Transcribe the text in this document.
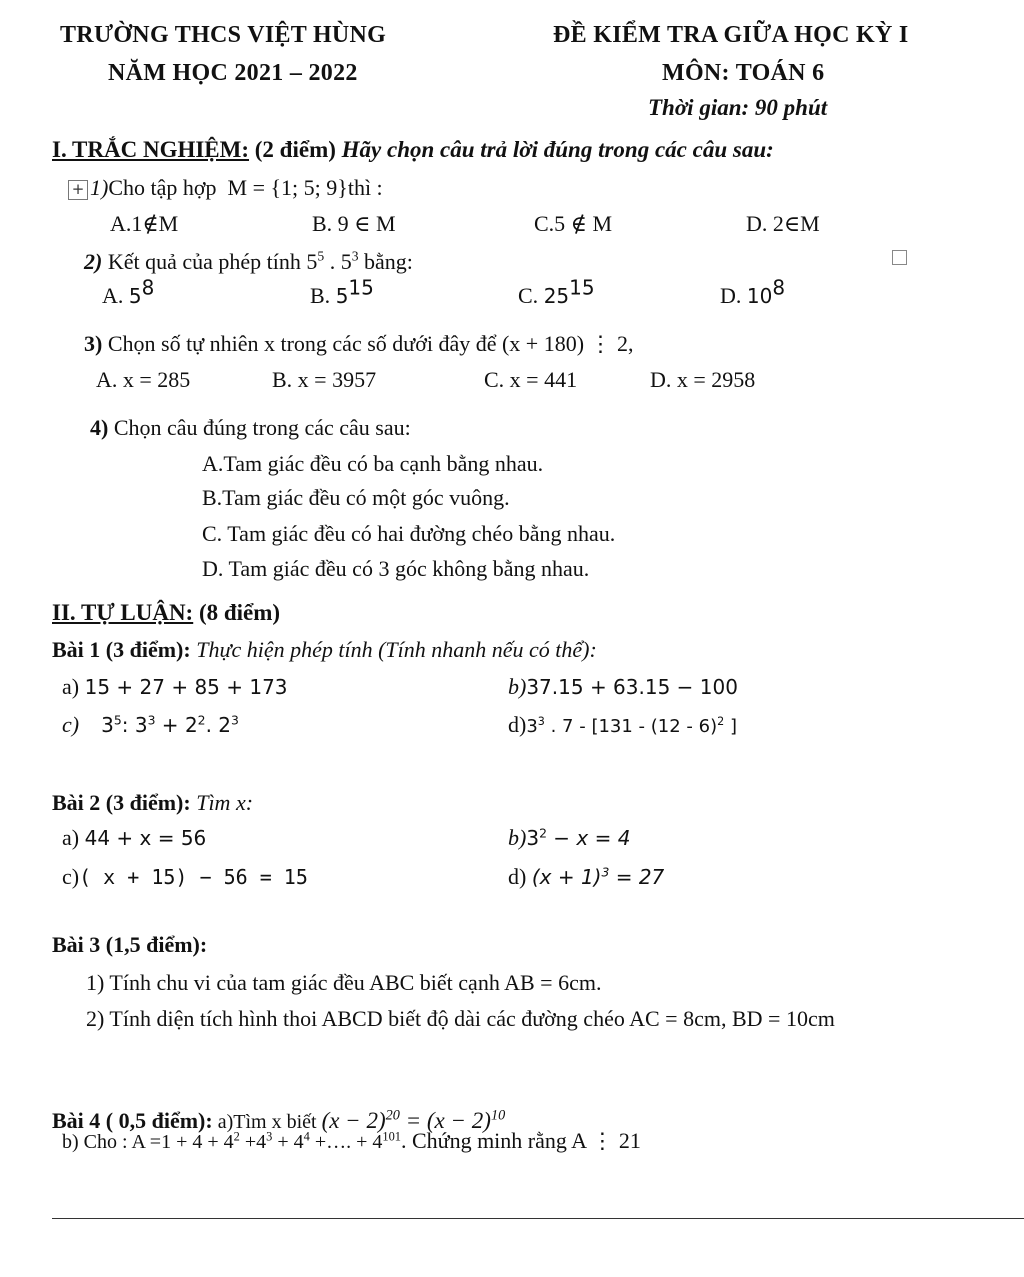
TRƯỜNG THCS VIỆT HÙNG	ĐỀ KIỂM TRA GIỮA HỌC KỲ I
NĂM HỌC 2021 – 2022	MÔN: TOÁN 6
Thời gian: 90 phút
I. TRẮC NGHIỆM: (2 điểm) Hãy chọn câu trả lời đúng trong các câu sau:
+ 1)Cho tập hợp M = {1; 5; 9}thì :
A.1∉M	B. 9 ∈ M	C.5 ∉ M	D. 2∈M
2) Kết quả của phép tính $5^5$ . $5^3$ bằng:
A. $5^8$	B. $5^{15}$	C. $25^{15}$	D. $10^8$
3) Chọn số tự nhiên x trong các số dưới đây để (x + 180) ⋮ 2,
A. x = 285	B. x = 3957	C. x = 441	D. x = 2958
4) Chọn câu đúng trong các câu sau:
A.Tam giác đều có ba cạnh bằng nhau.
B.Tam giác đều có một góc vuông.
C. Tam giác đều có hai đường chéo bằng nhau.
D. Tam giác đều có 3 góc không bằng nhau.
II. TỰ LUẬN: (8 điểm)
Bài 1 (3 điểm): Thực hiện phép tính (Tính nhanh nếu có thể):
a) 15 + 27 + 85 + 173	b)37.15 + 63.15 − 100
c) $3^5$: $3^3 + 2^2$. $2^3$	$d)3^3$ . 7 - [131 - (12 - 6)$^2$ ]
Bài 2 (3 điểm): Tìm x:
a) 44 + x = 56	$b)3^2 - x = 4$
c)( x + 15) − 56 = 15	d) $(x + 1)^3 = 27$
Bài 3 (1,5 điểm):
1) Tính chu vi của tam giác đều ABC biết cạnh AB = 6cm.
2) Tính diện tích hình thoi ABCD biết độ dài các đường chéo AC = 8cm, BD = 10cm
Bài 4 ( 0,5 điểm): a)Tìm x biết $(x - 2)^{20} = (x - 2)^{10}$
b) Cho : $A =1 + 4 + 4^2 +4^3 + 4^4$ +…. + $4^{101}$. Chứng minh rằng A ⋮ 21
